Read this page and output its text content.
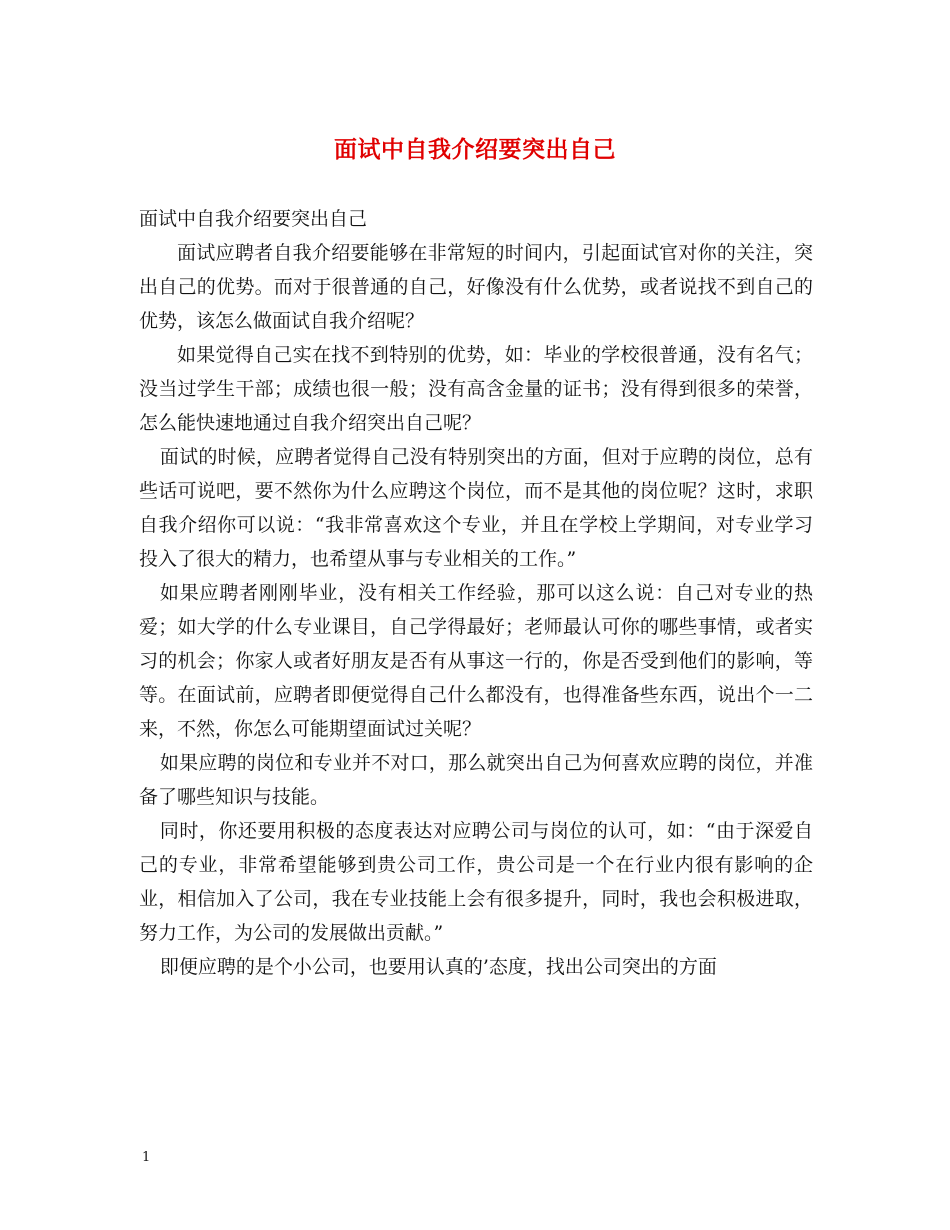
面试中自我介绍要突出自己

面试中自我介绍要突出自己

面试应聘者自我介绍要能够在非常短的时间内，引起面试官对你的关注，突出自己的优势。而对于很普通的自己，好像没有什么优势，或者说找不到自己的优势，该怎么做面试自我介绍呢？

如果觉得自己实在找不到特别的优势，如：毕业的学校很普通，没有名气；没当过学生干部；成绩也很一般；没有高含金量的证书；没有得到很多的荣誉，怎么能快速地通过自我介绍突出自己呢？

面试的时候，应聘者觉得自己没有特别突出的方面，但对于应聘的岗位，总有些话可说吧，要不然你为什么应聘这个岗位，而不是其他的岗位呢？这时，求职自我介绍你可以说：“我非常喜欢这个专业，并且在学校上学期间，对专业学习投入了很大的精力，也希望从事与专业相关的工作。”

如果应聘者刚刚毕业，没有相关工作经验，那可以这么说：自己对专业的热爱；如大学的什么专业课目，自己学得最好；老师最认可你的哪些事情，或者实习的机会；你家人或者好朋友是否有从事这一行的，你是否受到他们的影响，等等。在面试前，应聘者即便觉得自己什么都没有，也得准备些东西，说出个一二来，不然，你怎么可能期望面试过关呢？

如果应聘的岗位和专业并不对口，那么就突出自己为何喜欢应聘的岗位，并准备了哪些知识与技能。

同时，你还要用积极的态度表达对应聘公司与岗位的认可，如：“由于深爱自己的专业，非常希望能够到贵公司工作，贵公司是一个在行业内很有影响的企业，相信加入了公司，我在专业技能上会有很多提升，同时，我也会积极进取，努力工作，为公司的发展做出贡献。”

即便应聘的是个小公司，也要用认真的’态度，找出公司突出的方面

1
